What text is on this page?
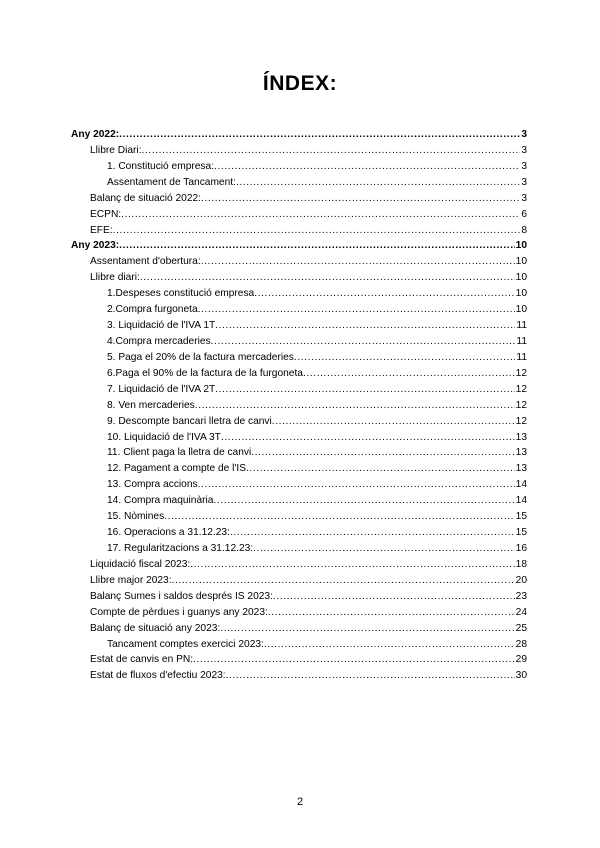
ÍNDEX:
Any 2022: .....	3
Llibre Diari: .....	3
1. Constitució empresa: .....	3
Assentament de Tancament: .....	3
Balanç de situació 2022: .....	3
ECPN: .....	6
EFE: .....	8
Any 2023: .....	10
Assentament d'obertura: .....	10
Llibre diari: .....	10
1.Despeses constitució empresa .....	10
2.Compra furgoneta .....	10
3. Liquidació de l'IVA 1T .....	11
4.Compra mercaderies .....	11
5. Paga el 20% de la factura mercaderies .....	11
6.Paga el 90% de la factura de la furgoneta .....	12
7. Liquidació de l'IVA 2T .....	12
8. Ven mercaderies .....	12
9. Descompte bancari lletra de canvi .....	12
10. Liquidació de l'IVA 3T .....	13
11. Client paga la lletra de canvi .....	13
12. Pagament a compte de l'IS .....	13
13. Compra accions .....	14
14. Compra maquinària .....	14
15. Nòmines .....	15
16. Operacions a 31.12.23: .....	15
17. Regularitzacions a 31.12.23: .....	16
Liquidació fiscal 2023: .....	18
Llibre major 2023: .....	20
Balanç Sumes i saldos després IS 2023: .....	23
Compte de pèrdues i guanys any 2023: .....	24
Balanç de situació any 2023: .....	25
Tancament comptes exercici 2023: .....	28
Estat de canvis en PN: .....	29
Estat de fluxos d'efectiu 2023: .....	30
2
